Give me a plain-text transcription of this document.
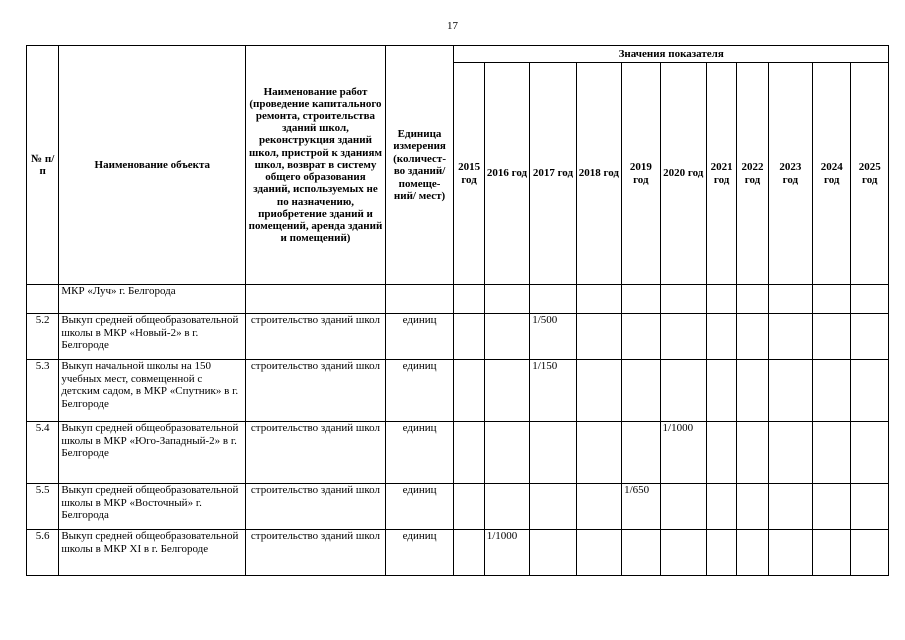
17
№ п/п	Наименование объекта	Наименование работ (проведение капитального ремонта, строительства зданий школ, реконструкция зданий школ, пристрой к зданиям школ, возврат в систему общего образования зданий, используемых не по назначению, приобретение зданий и помещений, аренда зданий и помещений)	Единица измерения (количест-во зданий/ помеще-ний/ мест)	Значения показателя										
				2015 год	2016 год	2017 год	2018 год	2019 год	2020 год	2021 год	2022 год	2023 год	2024 год	2025 год
	МКР «Луч» г. Белгорода													
5.2	Выкуп средней общеобразовательной школы в МКР «Новый-2» в г. Белгороде	строительство зданий школ	единиц			1/500								
5.3	Выкуп начальной школы на 150 учебных мест, совмещенной с детским садом, в МКР «Спутник» в г. Белгороде	строительство зданий школ	единиц			1/150								
5.4	Выкуп средней общеобразовательной школы в МКР «Юго-Западный-2» в г. Белгороде	строительство зданий школ	единиц						1/1000					
5.5	Выкуп средней общеобразовательной школы в МКР «Восточный» г. Белгорода	строительство зданий школ	единиц					1/650						
5.6	Выкуп средней общеобразовательной школы в МКР XI в г. Белгороде	строительство зданий школ	единиц		1/1000									
